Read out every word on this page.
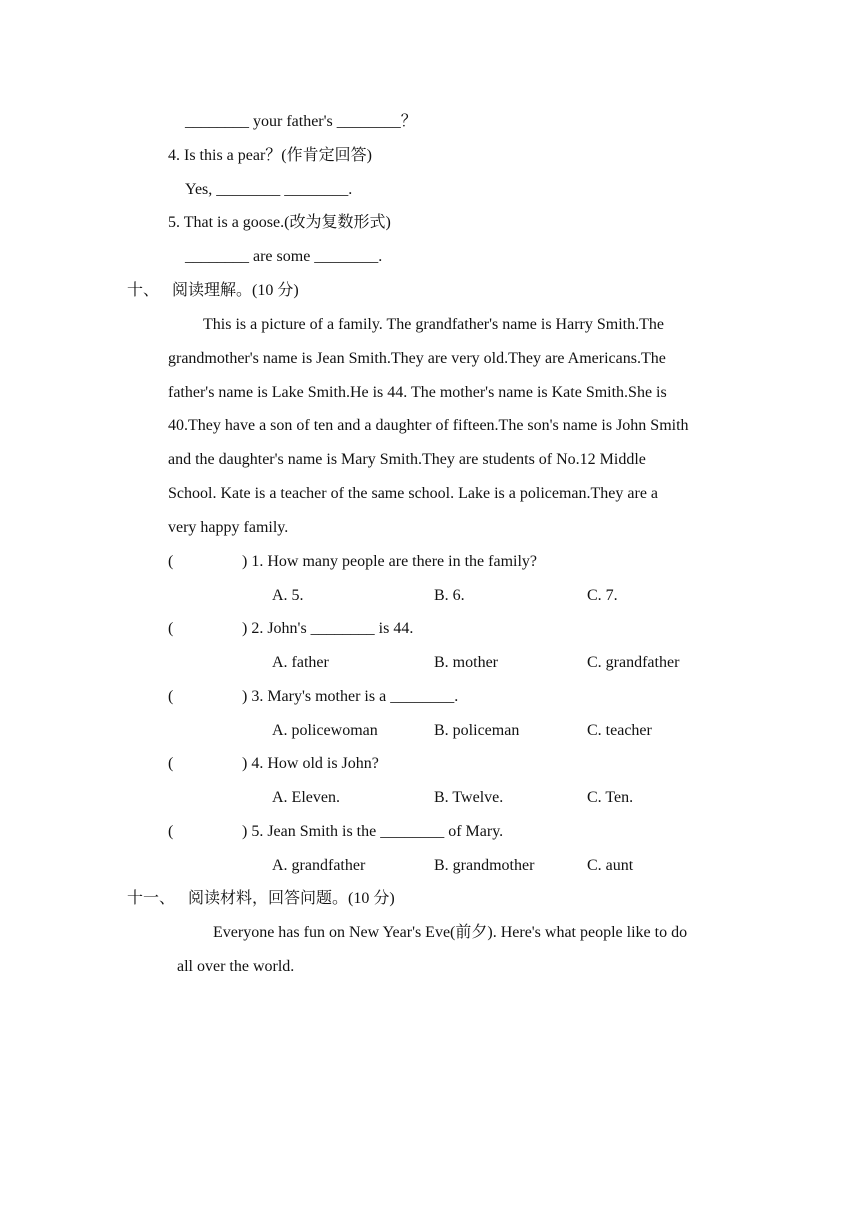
________ your father's ________？
4. Is this a pear？(作肯定回答)
Yes, ________ ________.
5. That is a goose.(改为复数形式)
________ are some ________.
十、 阅读理解。(10 分)
This is a picture of a family. The grandfather's name is Harry Smith.The
grandmother's name is Jean Smith.They are very old.They are Americans.The
father's name is Lake Smith.He is 44. The mother's name is Kate Smith.She is
40.They have a son of ten and a daughter of fifteen.The son's name is John Smith
and the daughter's name is Mary Smith.They are students of No.12 Middle
School. Kate is a teacher of the same school. Lake is a policeman.They are a
very happy family.
(	) 1. How many people are there in the family?
A. 5.	B. 6.	C. 7.
(	) 2. John's ________ is 44.
A. father	B. mother	C. grandfather
(	) 3. Mary's mother is a ________.
A. policewoman	B. policeman	C. teacher
(	) 4. How old is John?
A. Eleven.	B. Twelve.	C. Ten.
(	) 5. Jean Smith is the ________ of Mary.
A. grandfather	B. grandmother	C. aunt
十一、 阅读材料，回答问题。(10 分)
Everyone has fun on New Year's Eve(前夕). Here's what people like to do
all over the world.
